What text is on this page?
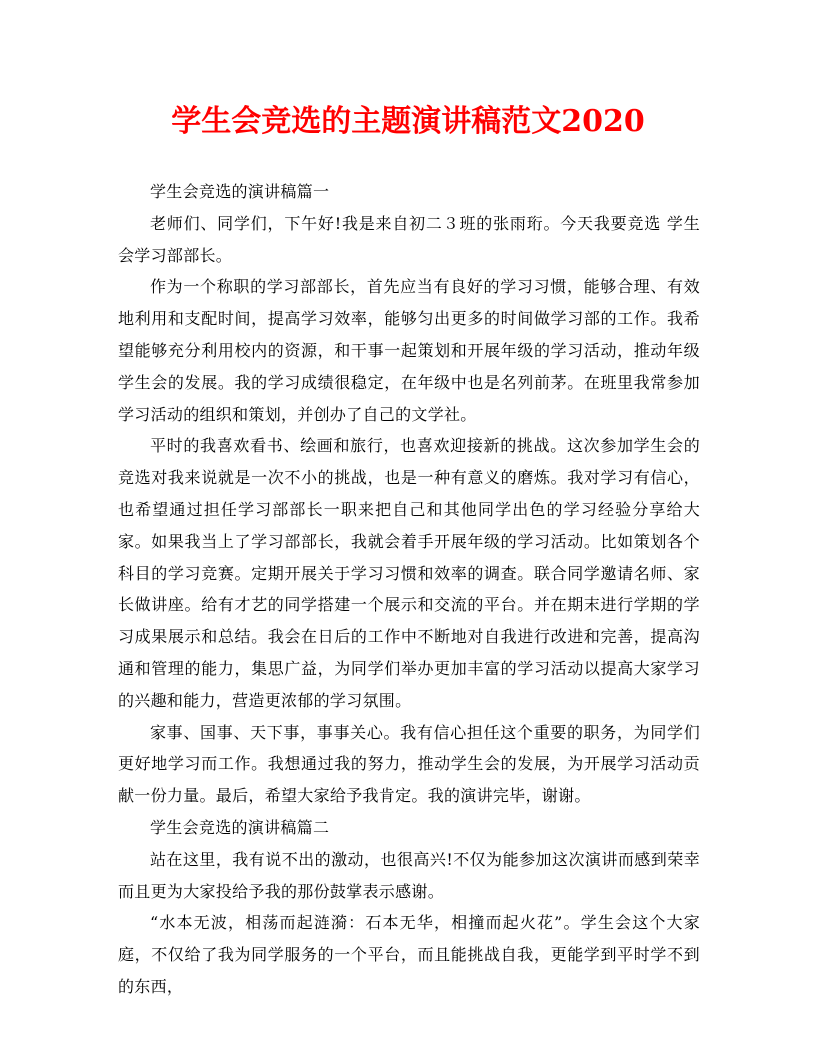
学生会竞选的主题演讲稿范文2020

学生会竞选的演讲稿篇一

老师们、同学们，下午好!我是来自初二３班的张雨珩。今天我要竞选 学生会学习部部长。

作为一个称职的学习部部长，首先应当有良好的学习习惯，能够合理、有效地利用和支配时间，提高学习效率，能够匀出更多的时间做学习部的工作。我希望能够充分利用校内的资源，和干事一起策划和开展年级的学习活动，推动年级学生会的发展。我的学习成绩很稳定，在年级中也是名列前茅。在班里我常参加学习活动的组织和策划，并创办了自己的文学社。

平时的我喜欢看书、绘画和旅行，也喜欢迎接新的挑战。这次参加学生会的竞选对我来说就是一次不小的挑战，也是一种有意义的磨炼。我对学习有信心，也希望通过担任学习部部长一职来把自己和其他同学出色的学习经验分享给大家。如果我当上了学习部部长，我就会着手开展年级的学习活动。比如策划各个科目的学习竞赛。定期开展关于学习习惯和效率的调查。联合同学邀请名师、家长做讲座。给有才艺的同学搭建一个展示和交流的平台。并在期末进行学期的学习成果展示和总结。我会在日后的工作中不断地对自我进行改进和完善，提高沟通和管理的能力，集思广益，为同学们举办更加丰富的学习活动以提高大家学习的兴趣和能力，营造更浓郁的学习氛围。

家事、国事、天下事，事事关心。我有信心担任这个重要的职务，为同学们更好地学习而工作。我想通过我的努力，推动学生会的发展，为开展学习活动贡献一份力量。最后，希望大家给予我肯定。我的演讲完毕，谢谢。

学生会竞选的演讲稿篇二

站在这里，我有说不出的激动，也很高兴!不仅为能参加这次演讲而感到荣幸而且更为大家投给予我的那份鼓掌表示感谢。

“水本无波，相荡而起涟漪：石本无华，相撞而起火花”。学生会这个大家庭，不仅给了我为同学服务的一个平台，而且能挑战自我，更能学到平时学不到的东西，
